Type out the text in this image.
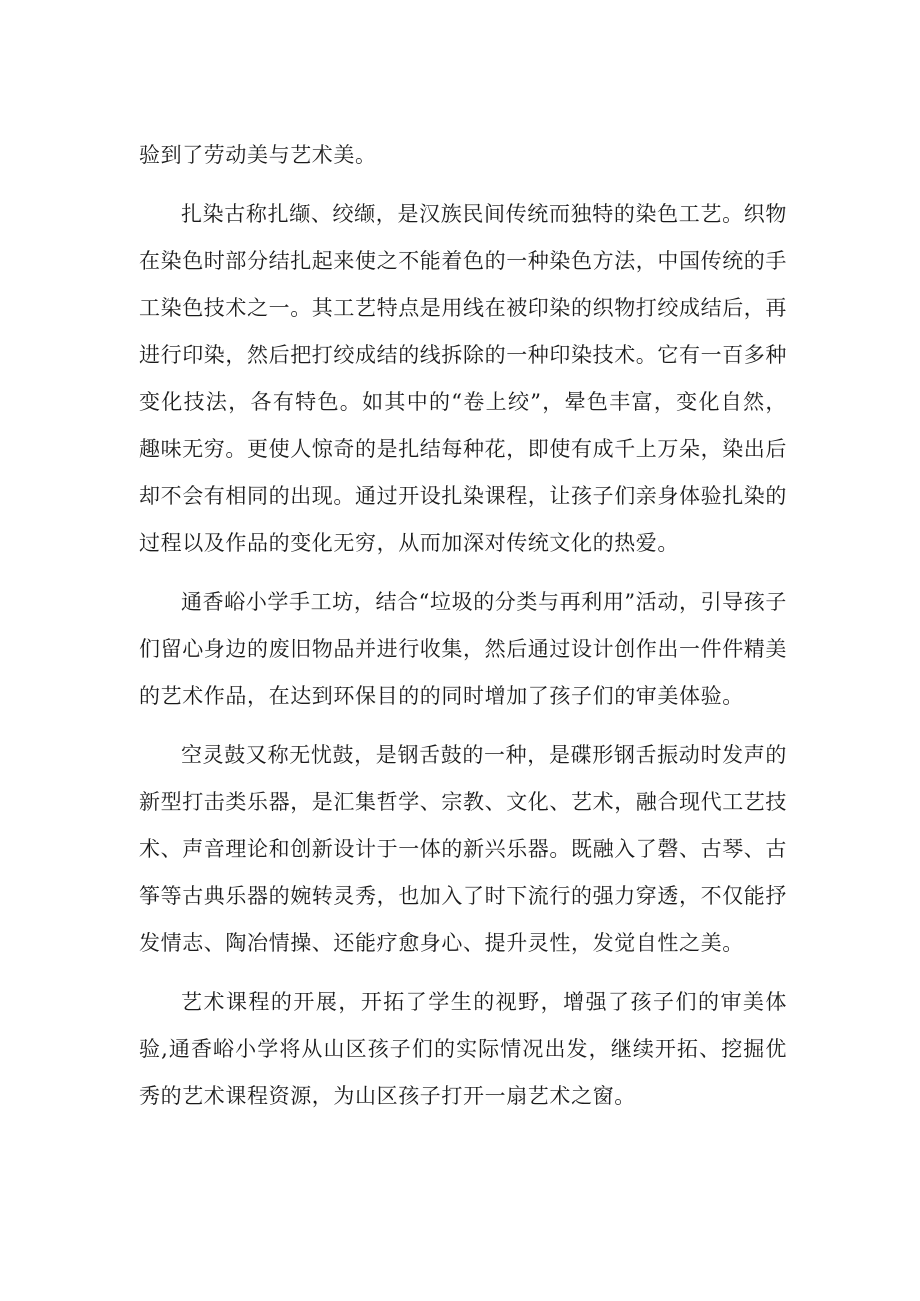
验到了劳动美与艺术美。

扎染古称扎缬、绞缬，是汉族民间传统而独特的染色工艺。织物在染色时部分结扎起来使之不能着色的一种染色方法，中国传统的手工染色技术之一。其工艺特点是用线在被印染的织物打绞成结后，再进行印染，然后把打绞成结的线拆除的一种印染技术。它有一百多种变化技法，各有特色。如其中的“卷上绞”，晕色丰富，变化自然，趣味无穷。更使人惊奇的是扎结每种花，即使有成千上万朵，染出后却不会有相同的出现。通过开设扎染课程，让孩子们亲身体验扎染的过程以及作品的变化无穷，从而加深对传统文化的热爱。

通香峪小学手工坊，结合“垃圾的分类与再利用”活动，引导孩子们留心身边的废旧物品并进行收集，然后通过设计创作出一件件精美的艺术作品，在达到环保目的的同时增加了孩子们的审美体验。

空灵鼓又称无忧鼓，是钢舌鼓的一种，是碟形钢舌振动时发声的新型打击类乐器，是汇集哲学、宗教、文化、艺术，融合现代工艺技术、声音理论和创新设计于一体的新兴乐器。既融入了磬、古琴、古筝等古典乐器的婉转灵秀，也加入了时下流行的强力穿透，不仅能抒发情志、陶冶情操、还能疗愈身心、提升灵性，发觉自性之美。

艺术课程的开展，开拓了学生的视野，增强了孩子们的审美体验,通香峪小学将从山区孩子们的实际情况出发，继续开拓、挖掘优秀的艺术课程资源，为山区孩子打开一扇艺术之窗。
